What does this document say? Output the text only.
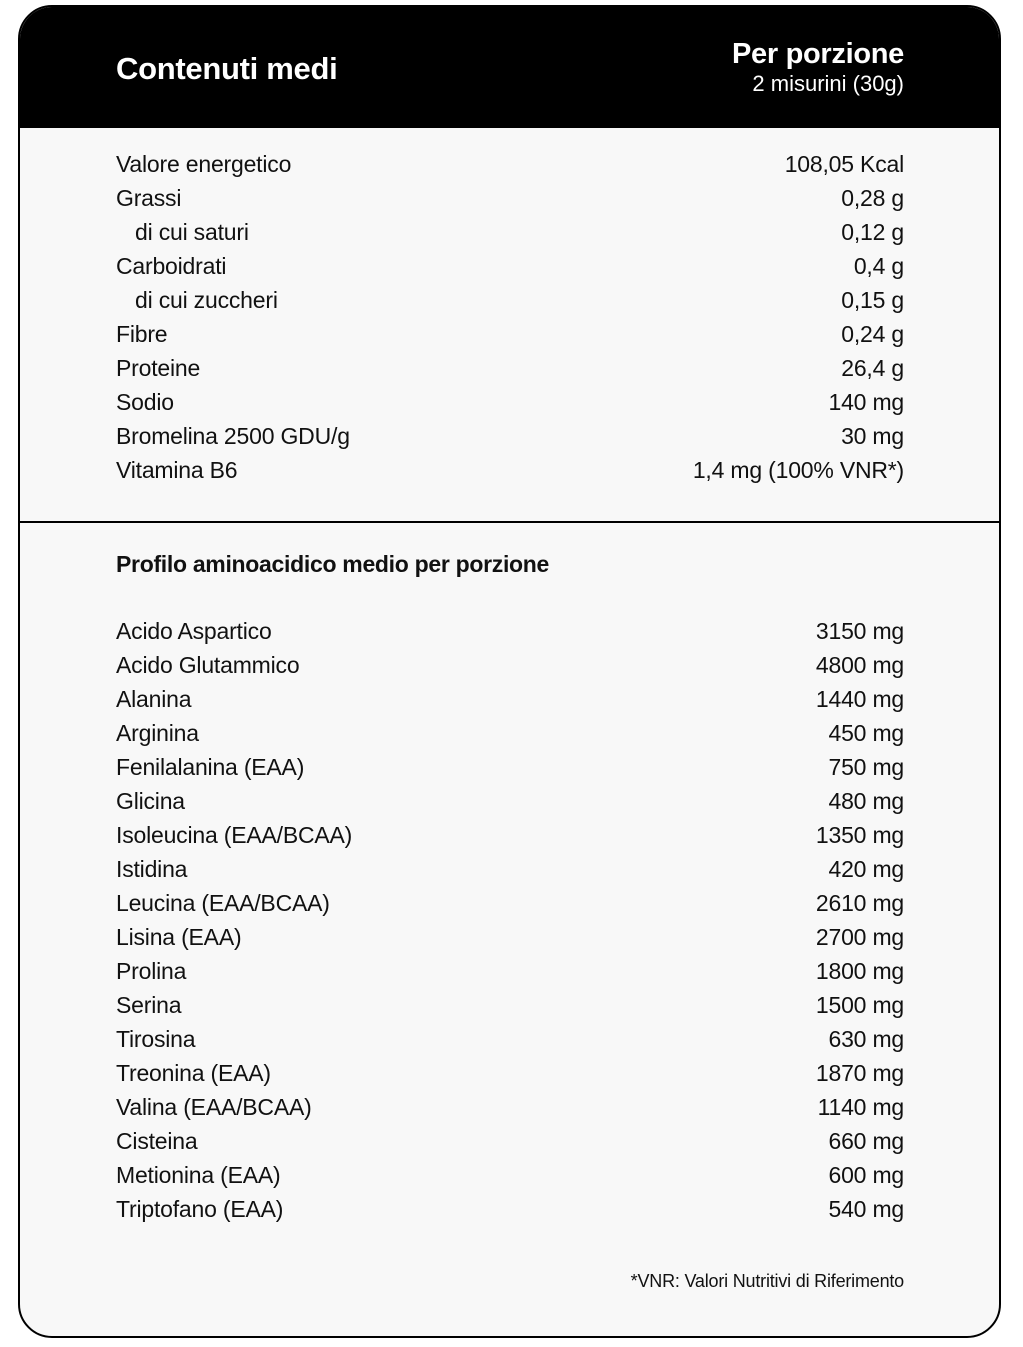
Contenuti medi	Per porzione
2 misurini (30g)
Valore energetico	108,05 Kcal
Grassi	0,28 g
di cui saturi	0,12 g
Carboidrati	0,4 g
di cui zuccheri	0,15 g
Fibre	0,24 g
Proteine	26,4 g
Sodio	140 mg
Bromelina 2500 GDU/g	30 mg
Vitamina B6	1,4 mg (100% VNR*)
Profilo aminoacidico medio per porzione
Acido Aspartico	3150 mg
Acido Glutammico	4800 mg
Alanina	1440 mg
Arginina	450 mg
Fenilalanina (EAA)	750 mg
Glicina	480 mg
Isoleucina (EAA/BCAA)	1350 mg
Istidina	420 mg
Leucina (EAA/BCAA)	2610 mg
Lisina (EAA)	2700 mg
Prolina	1800 mg
Serina	1500 mg
Tirosina	630 mg
Treonina (EAA)	1870 mg
Valina (EAA/BCAA)	1140 mg
Cisteina	660 mg
Metionina (EAA)	600 mg
Triptofano (EAA)	540 mg
*VNR: Valori Nutritivi di Riferimento
